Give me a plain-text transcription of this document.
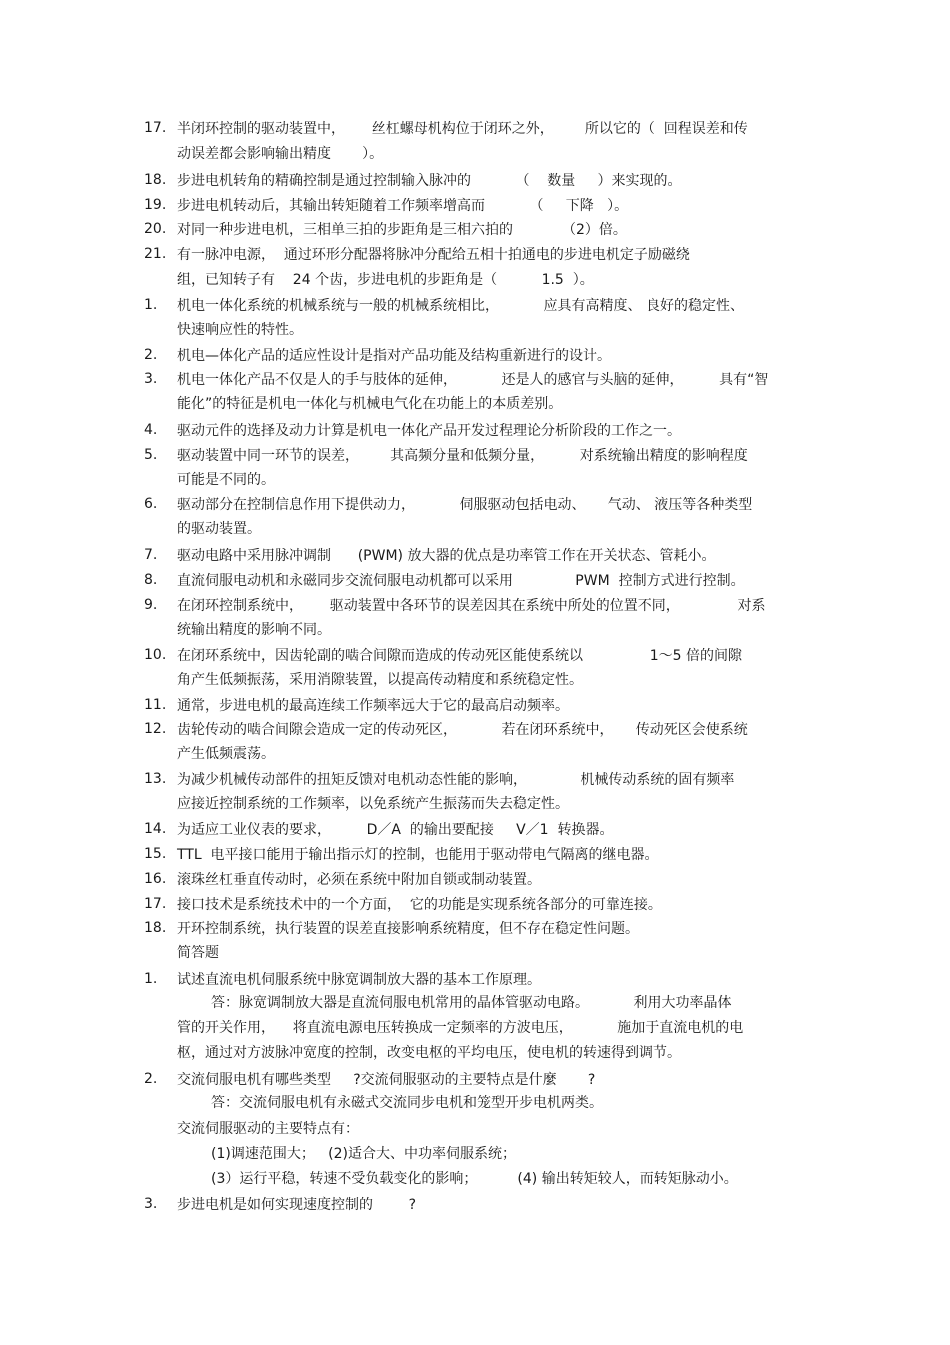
17. 半闭环控制的驱动装置中，      丝杠螺母机构位于闭环之外，       所以它的（  回程误差和传
动误差都会影响输出精度       ）。
18. 步进电机转角的精确控制是通过控制输入脉冲的          （    数量     ）来实现的。
19. 步进电机转动后，其输出转矩随着工作频率增高而          （     下降   ）。
20. 对同一种步进电机，三相单三拍的步距角是三相六拍的           （2）倍。
21. 有一脉冲电源，  通过环形分配器将脉冲分配给五相十拍通电的步进电机定子励磁绕
组，已知转子有    24 个齿，步进电机的步距角是（          1.5  ）。
1. 机电一体化系统的机械系统与一般的机械系统相比，          应具有高精度、 良好的稳定性、
快速响应性的特性。
2. 机电—体化产品的适应性设计是指对产品功能及结构重新进行的设计。
3. 机电一体化产品不仅是人的手与肢体的延伸，          还是人的感官与头脑的延伸，        具有“智
能化”的特征是机电一体化与机械电气化在功能上的本质差别。
4. 驱动元件的选择及动力计算是机电一体化产品开发过程理论分析阶段的工作之一。
5. 驱动装置中同一环节的误差，       其高频分量和低频分量，        对系统输出精度的影响程度
可能是不同的。
6. 驱动部分在控制信息作用下提供动力，          伺服驱动包括电动、     气动、 液压等各种类型
的驱动装置。
7. 驱动电路中采用脉冲调制      (PWM) 放大器的优点是功率管工作在开关状态、管耗小。
8. 直流伺服电动机和永磁同步交流伺服电动机都可以采用              PWM  控制方式进行控制。
9. 在闭环控制系统中，      驱动装置中各环节的误差因其在系统中所处的位置不同，             对系
统输出精度的影响不同。
10. 在闭环系统中，因齿轮副的啮合间隙而造成的传动死区能使系统以               1～5 倍的间隙
角产生低频振荡，采用消隙装置，以提高传动精度和系统稳定性。
11. 通常，步进电机的最高连续工作频率远大于它的最高启动频率。
12. 齿轮传动的啮合间隙会造成一定的传动死区，          若在闭环系统中，     传动死区会使系统
产生低频震荡。
13. 为减少机械传动部件的扭矩反馈对电机动态性能的影响，            机械传动系统的固有频率
应接近控制系统的工作频率，以免系统产生振荡而失去稳定性。
14. 为适应工业仪表的要求，        D／A  的输出要配接     V／1  转换器。
15. TTL  电平接口能用于输出指示灯的控制，也能用于驱动带电气隔离的继电器。
16. 滚珠丝杠垂直传动时，必须在系统中附加自锁或制动装置。
17. 接口技术是系统技术中的一个方面，  它的功能是实现系统各部分的可靠连接。
18. 开环控制系统，执行装置的误差直接影响系统精度，但不存在稳定性问题。
简答题
1. 试述直流电机伺服系统中脉宽调制放大器的基本工作原理。
答：脉宽调制放大器是直流伺服电机常用的晶体管驱动电路。          利用大功率晶体
管的开关作用，    将直流电源电压转换成一定频率的方波电压，          施加于直流电机的电
枢，通过对方波脉冲宽度的控制，改变电枢的平均电压，使电机的转速得到调节。
2. 交流伺服电机有哪些类型     ?交流伺服驱动的主要特点是什麼       ?
答：交流伺服电机有永磁式交流同步电机和笼型开步电机两类。
交流伺服驱动的主要特点有：
(1)调速范围大；   (2)适合大、中功率伺服系统；
(3）运行平稳，转速不受负载变化的影响；         (4) 输出转矩较人，而转矩脉动小。
3. 步进电机是如何实现速度控制的        ?
